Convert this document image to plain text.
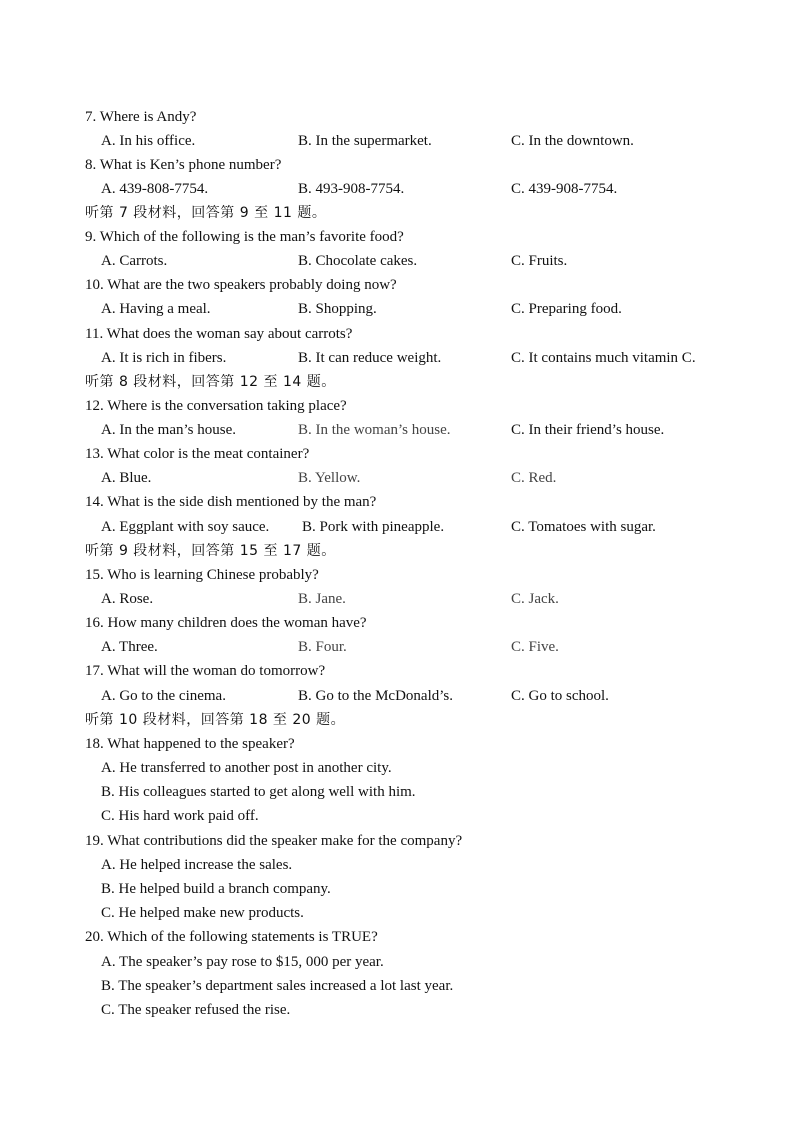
7. Where is Andy?
A. In his office.	B. In the supermarket.	C. In the downtown.
8. What is Ken’s phone number?
A. 439-808-7754.	B. 493-908-7754.	C. 439-908-7754.
听第 7 段材料，回答第 9 至 11 题。
9. Which of the following is the man’s favorite food?
A. Carrots.	B. Chocolate cakes.	C. Fruits.
10. What are the two speakers probably doing now?
A. Having a meal.	B. Shopping.	C. Preparing food.
11. What does the woman say about carrots?
A. It is rich in fibers.	B. It can reduce weight.	C. It contains much vitamin C.
听第 8 段材料，回答第 12 至 14 题。
12. Where is the conversation taking place?
A. In the man’s house.	B. In the woman’s house.	C. In their friend’s house.
13. What color is the meat container?
A. Blue.	B. Yellow.	C. Red.
14. What is the side dish mentioned by the man?
A. Eggplant with soy sauce. B. Pork with pineapple.	C. Tomatoes with sugar.
听第 9 段材料，回答第 15 至 17 题。
15. Who is learning Chinese probably?
A. Rose.	B. Jane.	C. Jack.
16. How many children does the woman have?
A. Three.	B. Four.	C. Five.
17. What will the woman do tomorrow?
A. Go to the cinema.	B. Go to the McDonald’s.	C. Go to school.
听第 10 段材料，回答第 18 至 20 题。
18. What happened to the speaker?
A. He transferred to another post in another city.
B. His colleagues started to get along well with him.
C. His hard work paid off.
19. What contributions did the speaker make for the company?
A. He helped increase the sales.
B. He helped build a branch company.
C. He helped make new products.
20. Which of the following statements is TRUE?
A. The speaker’s pay rose to $15, 000 per year.
B. The speaker’s department sales increased a lot last year.
C. The speaker refused the rise.
